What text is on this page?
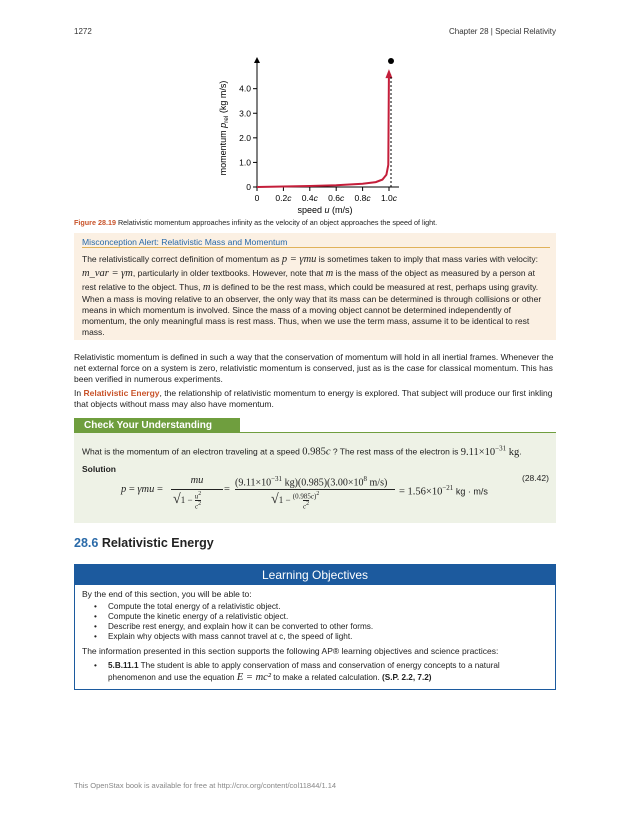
1272	Chapter 28 | Special Relativity
0
1.0
2.0
3.0
4.0
0 0.2c 0.4c 0.6c 0.8c 1.0c
speed u (m/s)
momentum $p_{rel}$ (kg m/s)
Figure 28.19 Relativistic momentum approaches infinity as the velocity of an object approaches the speed of light.
Misconception Alert: Relativistic Mass and Momentum
The relativistically correct definition of momentum as p = γmu is sometimes taken to imply that mass varies with velocity:
m_var = γm, particularly in older textbooks. However, note that m is the mass of the object as measured by a person at
rest relative to the object. Thus, m is defined to be the rest mass, which could be measured at rest, perhaps using gravity.
When a mass is moving relative to an observer, the only way that its mass can be determined is through collisions or other means in which momentum is involved. Since the mass of a moving object cannot be determined independently of momentum, the only meaningful mass is rest mass. Thus, when we use the term mass, assume it to be identical to rest mass.
Relativistic momentum is defined in such a way that the conservation of momentum will hold in all inertial frames. Whenever the net external force on a system is zero, relativistic momentum is conserved, just as is the case for classical momentum. This has been verified in numerous experiments.
In Relativistic Energy, the relationship of relativistic momentum to energy is explored. That subject will produce our first inkling that objects without mass may also have momentum.
Check Your Understanding
What is the momentum of an electron traveling at a speed 0.985c ? The rest mass of the electron is $9.11\times 10^{-31}$ kg.
Solution
(28.42)
p = γmu =
mu
$√1 - u^2$
$c^2$
=
($9.11\times 10^{-31}$ $kg)(0.985)(3.00\times 10^8$ m/s)
$√1 - (0.985c)^2$
$c^2$
= $1.56\times 10^{-21}$ kg · m/s
28.6 Relativistic Energy
Learning Objectives
By the end of this section, you will be able to:
• Compute the total energy of a relativistic object.
• Compute the kinetic energy of a relativistic object.
• Describe rest energy, and explain how it can be converted to other forms.
• Explain why objects with mass cannot travel at c, the speed of light.
The information presented in this section supports the following AP® learning objectives and science practices:
• 5.B.11.1 The student is able to apply conservation of mass and conservation of energy concepts to a natural
phenomenon and use the equation E = mc² to make a related calculation. (S.P. 2.2, 7.2)
This OpenStax book is available for free at http://cnx.org/content/col11844/1.14
